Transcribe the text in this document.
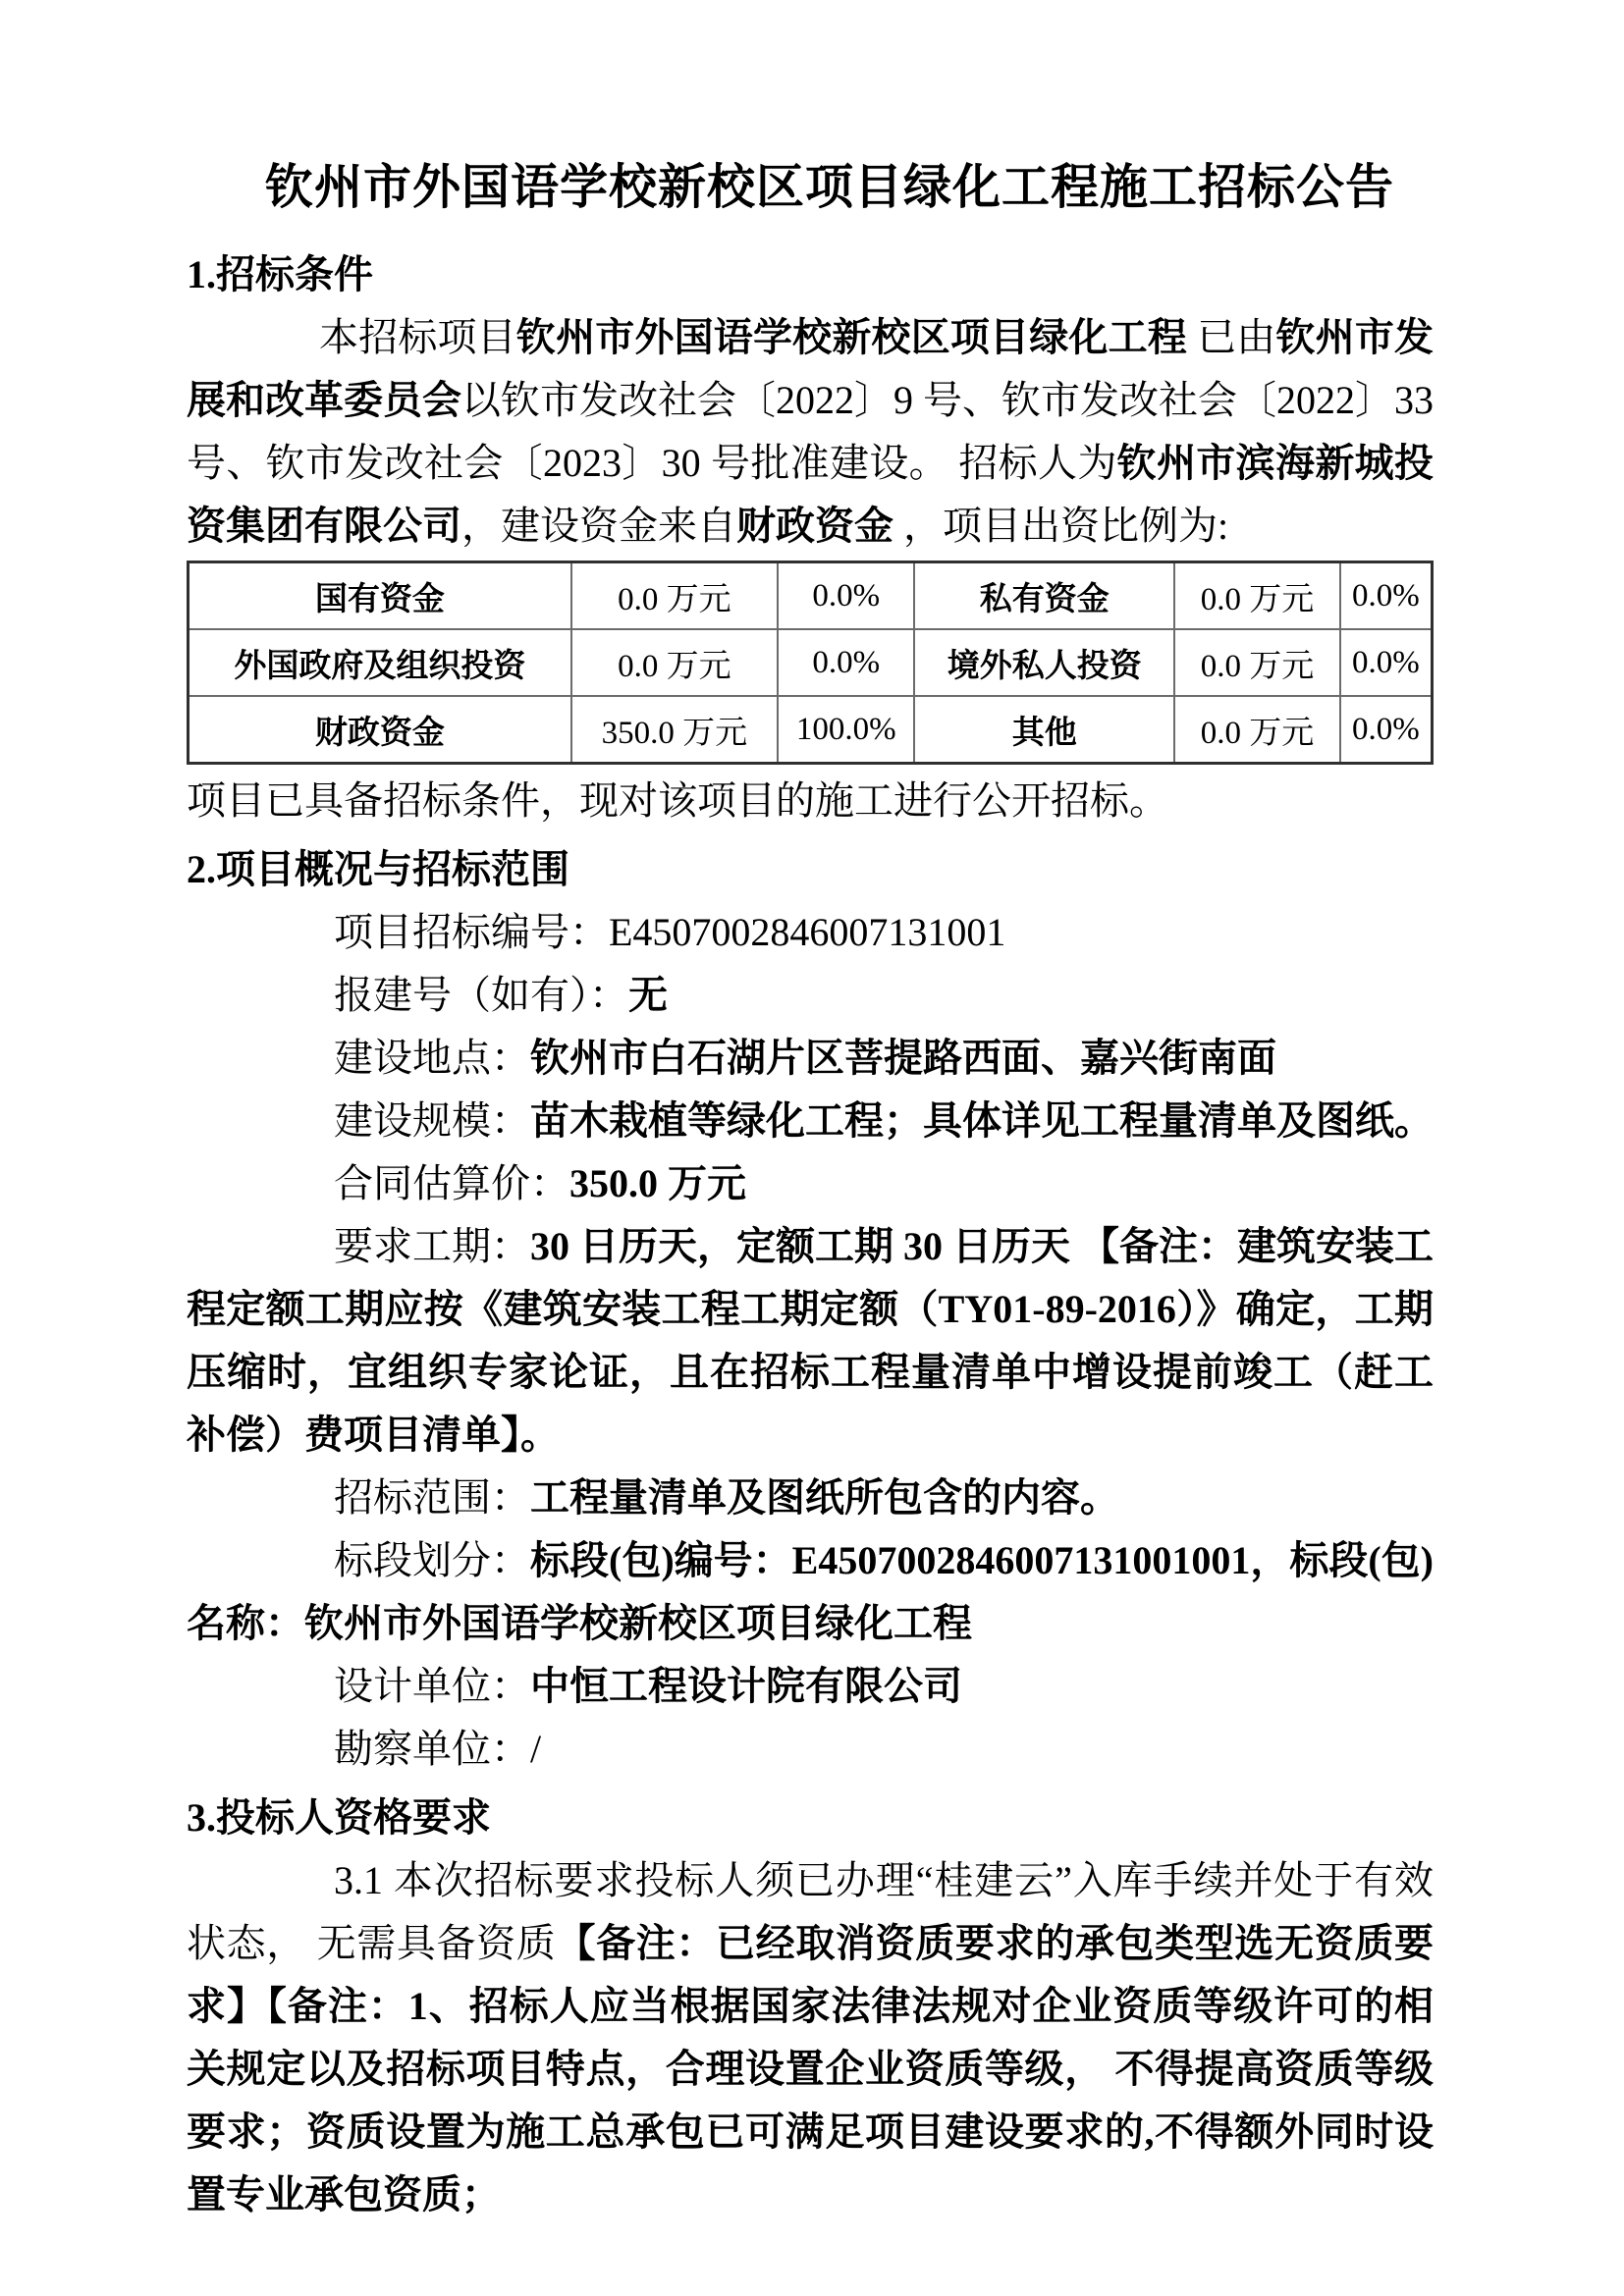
钦州市外国语学校新校区项目绿化工程施工招标公告

1.招标条件

本招标项目钦州市外国语学校新校区项目绿化工程 已由钦州市发展和改革委员会以钦市发改社会〔2022〕9 号、钦市发改社会〔2022〕33 号、钦市发改社会〔2023〕30 号批准建设。 招标人为钦州市滨海新城投资集团有限公司，建设资金来自财政资金 ，项目出资比例为:

国有资金	0.0 万元	0.0%	私有资金	0.0 万元	0.0%
外国政府及组织投资	0.0 万元	0.0%	境外私人投资	0.0 万元	0.0%
财政资金	350.0 万元	100.0%	其他	0.0 万元	0.0%

项目已具备招标条件，现对该项目的施工进行公开招标。

2.项目概况与招标范围

项目招标编号：E4507002846007131001

报建号（如有）：无

建设地点：钦州市白石湖片区菩提路西面、嘉兴街南面

建设规模：苗木栽植等绿化工程；具体详见工程量清单及图纸。

合同估算价：350.0 万元

要求工期：30 日历天，定额工期 30 日历天 【备注：建筑安装工程定额工期应按《建筑安装工程工期定额（TY01-89-2016）》确定，工期压缩时，宜组织专家论证，且在招标工程量清单中增设提前竣工（赶工补偿）费项目清单】。

招标范围：工程量清单及图纸所包含的内容。

标段划分：标段(包)编号：E4507002846007131001001，标段(包)名称：钦州市外国语学校新校区项目绿化工程

设计单位：中恒工程设计院有限公司

勘察单位：/

3.投标人资格要求

3.1 本次招标要求投标人须已办理“桂建云”入库手续并处于有效状态， 无需具备资质【备注：已经取消资质要求的承包类型选无资质要求】【备注：1、招标人应当根据国家法律法规对企业资质等级许可的相关规定以及招标项目特点，合理设置企业资质等级， 不得提高资质等级要求；资质设置为施工总承包已可满足项目建设要求的,不得额外同时设置专业承包资质；
